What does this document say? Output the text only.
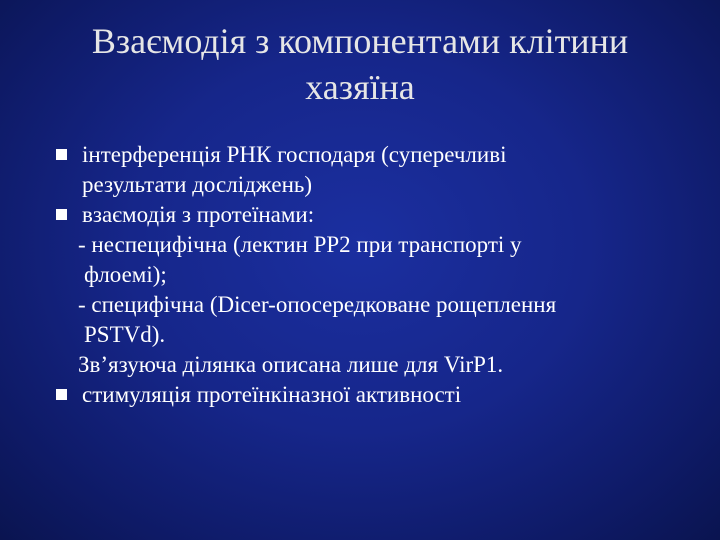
Взаємодія з компонентами клітини
хазяїна
інтерференція РНК господаря (суперечливі
результати досліджень)
взаємодія з протеїнами:
- неспецифічна (лектин РР2 при транспорті у
флоемі);
- специфічна (Dicer-опосередковане рощеплення
PSTVd).
Зв’язуюча ділянка описана лише для VirP1.
стимуляція протеїнкіназної активності
